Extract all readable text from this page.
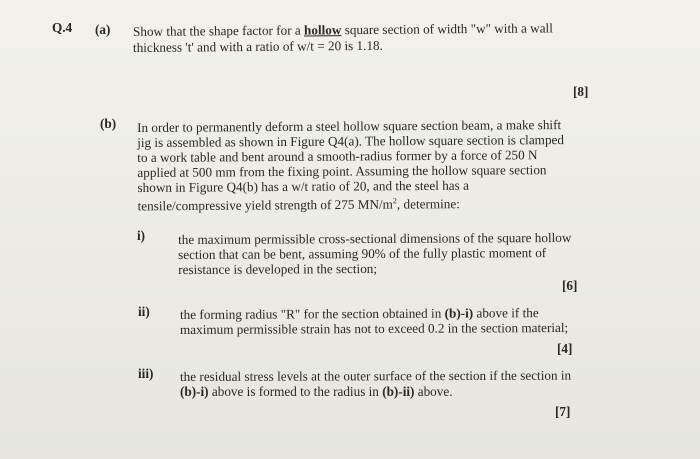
Q.4 (a) Show that the shape factor for a hollow square section of width "w" with a wall
thickness 't' and with a ratio of w/t = 20 is 1.18.
[8]
(b) In order to permanently deform a steel hollow square section beam, a make shift
jig is assembled as shown in Figure Q4(a). The hollow square section is clamped
to a work table and bent around a smooth-radius former by a force of 250 N
applied at 500 mm from the fixing point. Assuming the hollow square section
shown in Figure Q4(b) has a w/t ratio of 20, and the steel has a
tensile/compressive yield strength of 275 $MN/m^2$, determine:
i) the maximum permissible cross-sectional dimensions of the square hollow
section that can be bent, assuming 90% of the fully plastic moment of
resistance is developed in the section;
[6]
ii) the forming radius "R" for the section obtained in (b)-i) above if the
maximum permissible strain has not to exceed 0.2 in the section material;
[4]
iii) the residual stress levels at the outer surface of the section if the section in
(b)-i) above is formed to the radius in (b)-ii) above.
[7]
